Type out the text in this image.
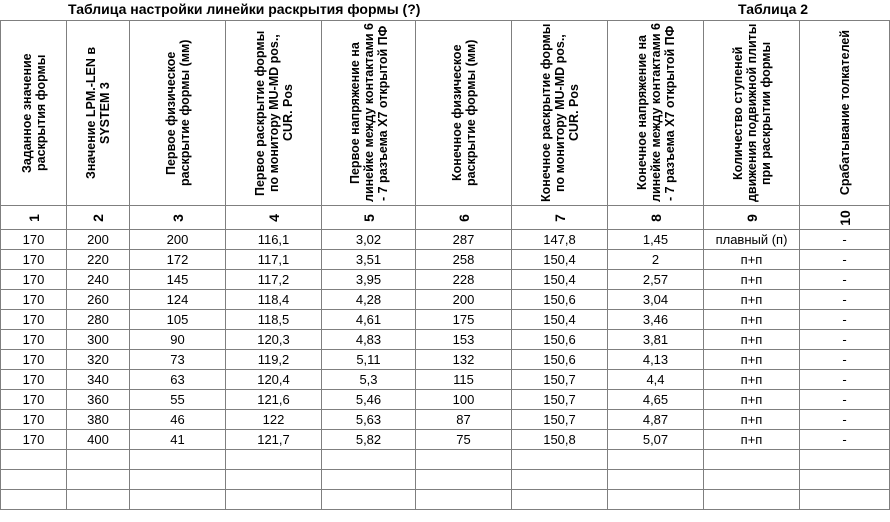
Таблица настройки линейки раскрытия формы (?)	Таблица 2
Заданное значение раскрытия формы	Значение LPM.-LEN в SYSTEM 3	Первое физическое раскрытие формы (мм)	Первое раскрытие формы по монитору MU-MD pos., CUR. Pos	Первое напряжение на линейке между контактами 6 - 7 разъема X7 открытой ПФ	Конечное физическое раскрытие формы (мм)	Конечное раскрытие формы по монитору MU-MD pos., CUR. Pos	Конечное напряжение на линейке между контактами 6 - 7 разъема X7 открытой ПФ	Количество ступеней движения подвижной плиты при раскрытии формы	Срабатывание толкателей

1	2	3	4	5	6	7	8	9	10
170	200	200	116,1	3,02	287	147,8	1,45	плавный (п)	-
170	220	172	117,1	3,51	258	150,4	2	п+п	-
170	240	145	117,2	3,95	228	150,4	2,57	п+п	-
170	260	124	118,4	4,28	200	150,6	3,04	п+п	-
170	280	105	118,5	4,61	175	150,4	3,46	п+п	-
170	300	90	120,3	4,83	153	150,6	3,81	п+п	-
170	320	73	119,2	5,11	132	150,6	4,13	п+п	-
170	340	63	120,4	5,3	115	150,7	4,4	п+п	-
170	360	55	121,6	5,46	100	150,7	4,65	п+п	-
170	380	46	122	5,63	87	150,7	4,87	п+п	-
170	400	41	121,7	5,82	75	150,8	5,07	п+п	-
